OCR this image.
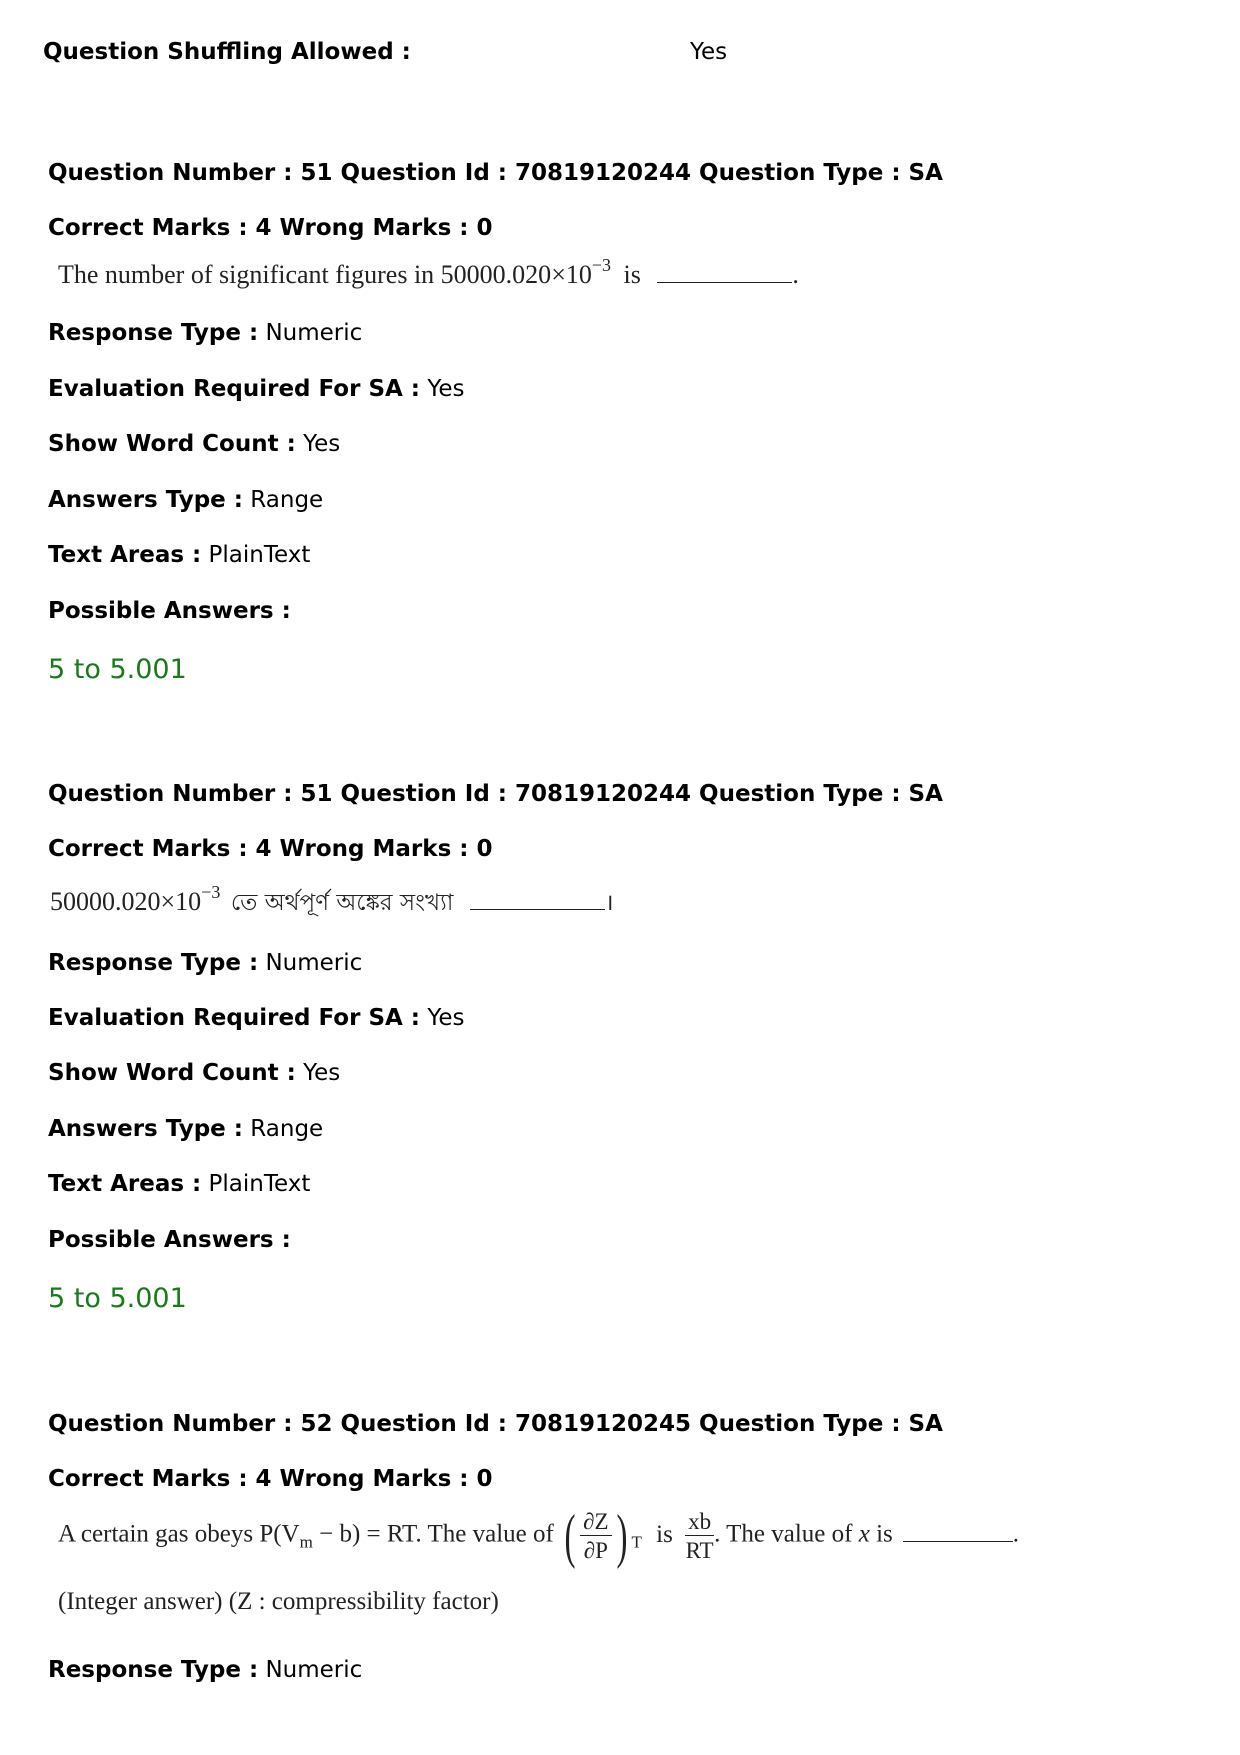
Question Shuffling Allowed :	Yes
Question Number : 51 Question Id : 70819120244 Question Type : SA
Correct Marks : 4 Wrong Marks : 0
The number of significant figures in $50000.020\times 10^{-3}$ is	.
Response Type : Numeric
Evaluation Required For SA : Yes
Show Word Count : Yes
Answers Type : Range
Text Areas : PlainText
Possible Answers :
5 to 5.001
Question Number : 51 Question Id : 70819120244 Question Type : SA
Correct Marks : 4 Wrong Marks : 0
$50000.020\times 10^{-3}$ তে অর্থপূর্ণ অঙ্কের সংখ্যা	।
Response Type : Numeric
Evaluation Required For SA : Yes
Show Word Count : Yes
Answers Type : Range
Text Areas : PlainText
Possible Answers :
5 to 5.001
Question Number : 52 Question Id : 70819120245 Question Type : SA
Correct Marks : 4 Wrong Marks : 0
A certain gas obeys $P(V_m - b)$ = RT. The value of ( $\frac{\partial Z}{\partial P}$ ) $_T$ is $\frac{xb}{RT}$ . The value of x is	.
(Integer answer) (Z : compressibility factor)
Response Type : Numeric
